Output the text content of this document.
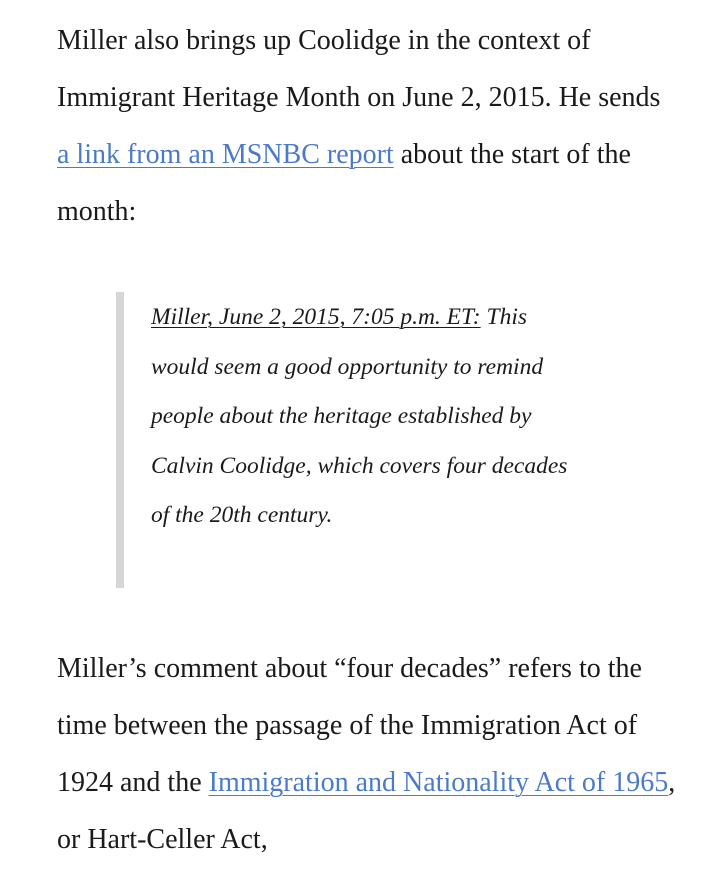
Miller also brings up Coolidge in the context of Immigrant Heritage Month on June 2, 2015. He sends a link from an MSNBC report about the start of the month:

Miller, June 2, 2015, 7:05 p.m. ET: This would seem a good opportunity to remind people about the heritage established by Calvin Coolidge, which covers four decades of the 20th century.

Miller’s comment about “four decades” refers to the time between the passage of the Immigration Act of 1924 and the Immigration and Nationality Act of 1965, or Hart-Celler Act,
